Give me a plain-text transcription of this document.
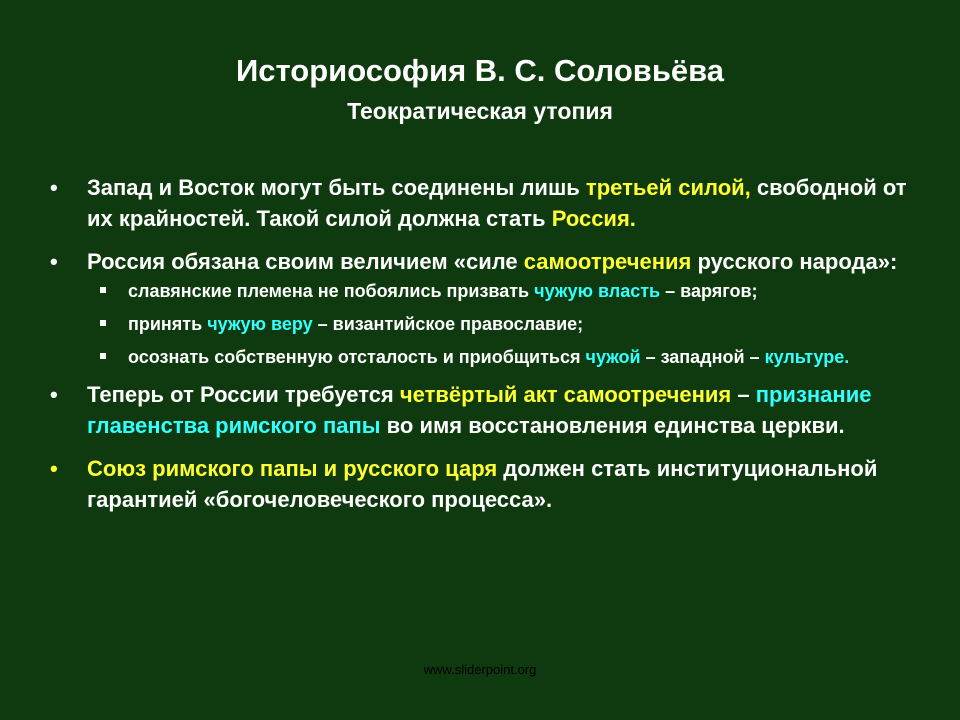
Историософия В. С. Соловьёва
Теократическая утопия
• Запад и Восток могут быть соединены лишь третьей силой, свободной от их крайностей. Такой силой должна стать Россия.
• Россия обязана своим величием «силе самоотречения русского народа»:
славянские племена не побоялись призвать чужую власть – варягов;
принять чужую веру – византийское православие;
осознать собственную отсталость и приобщиться чужой – западной – культуре.
• Теперь от России требуется четвёртый акт самоотречения – признание главенства римского папы во имя восстановления единства церкви.
• Союз римского папы и русского царя должен стать институциональной гарантией «богочеловеческого процесса».
www.sliderpoint.org
